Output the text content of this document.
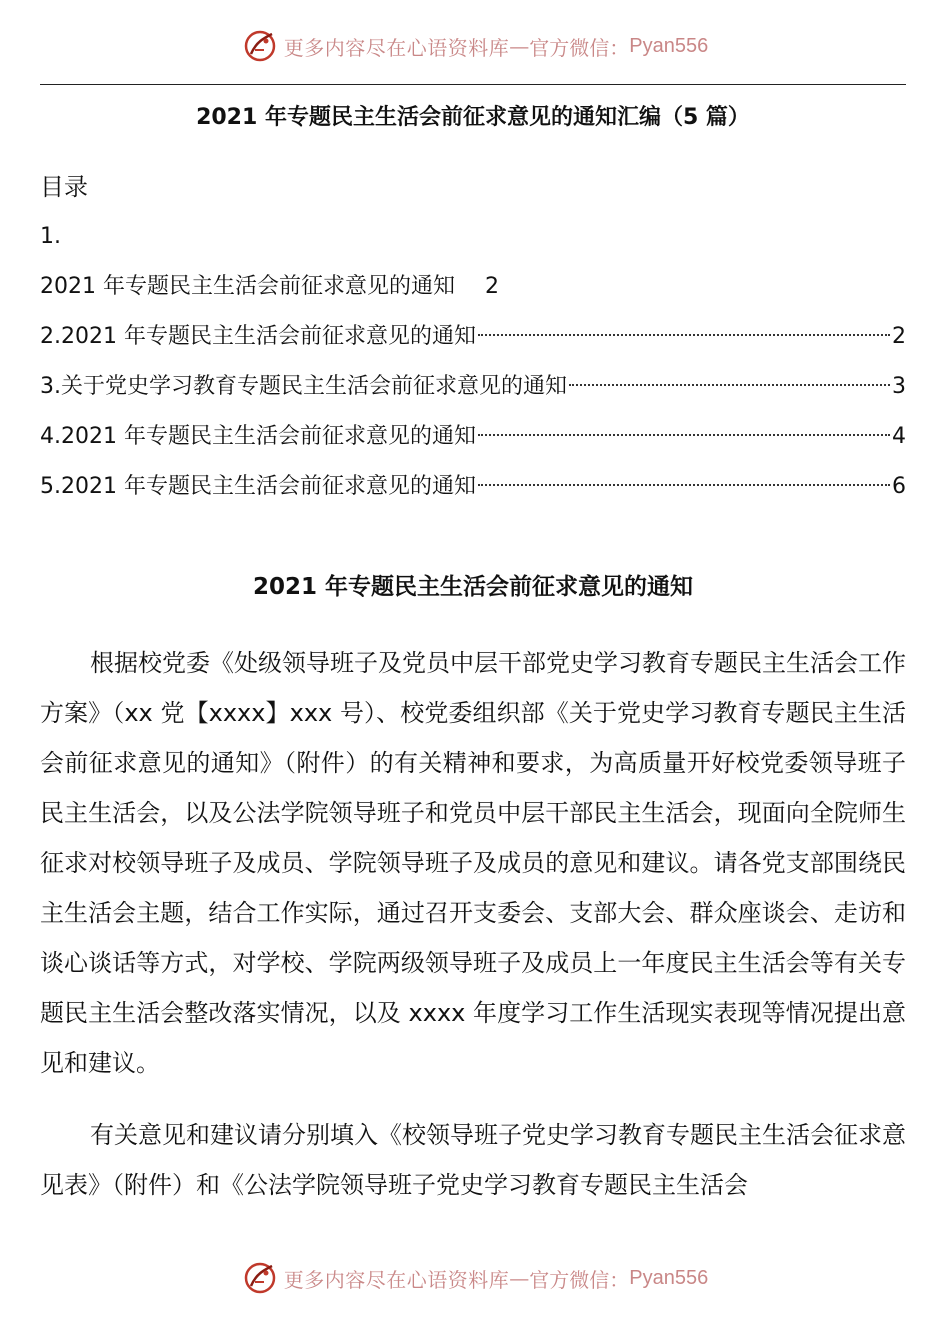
更多内容尽在心语资料库 — 官方微信： Pyan556
2021 年专题民主生活会前征求意见的通知汇编（5 篇）
目录
1.
2021 年专题民主生活会前征求意见的通知 2
2.2021 年专题民主生活会前征求意见的通知	2
3.关于党史学习教育专题民主生活会前征求意见的通知	3
4.2021 年专题民主生活会前征求意见的通知	4
5.2021 年专题民主生活会前征求意见的通知	6
2021 年专题民主生活会前征求意见的通知

根据校党委《处级领导班子及党员中层干部党史学习教育专题民主生活会工作方案》（xx 党【xxxx】xxx 号）、校党委组织部《关于党史学习教育专题民主生活会前征求意见的通知》（附件）的有关精神和要求，为高质量开好校党委领导班子民主生活会，以及公法学院领导班子和党员中层干部民主生活会，现面向全院师生征求对校领导班子及成员、学院领导班子及成员的意见和建议。请各党支部围绕民主生活会主题，结合工作实际，通过召开支委会、支部大会、群众座谈会、走访和谈心谈话等方式，对学校、学院两级领导班子及成员上一年度民主生活会等有关专题民主生活会整改落实情况，以及 xxxx 年度学习工作生活现实表现等情况提出意见和建议。

有关意见和建议请分别填入《校领导班子党史学习教育专题民主生活会征求意见表》（附件）和《公法学院领导班子党史学习教育专题民主生活会

更多内容尽在心语资料库 — 官方微信： Pyan556
